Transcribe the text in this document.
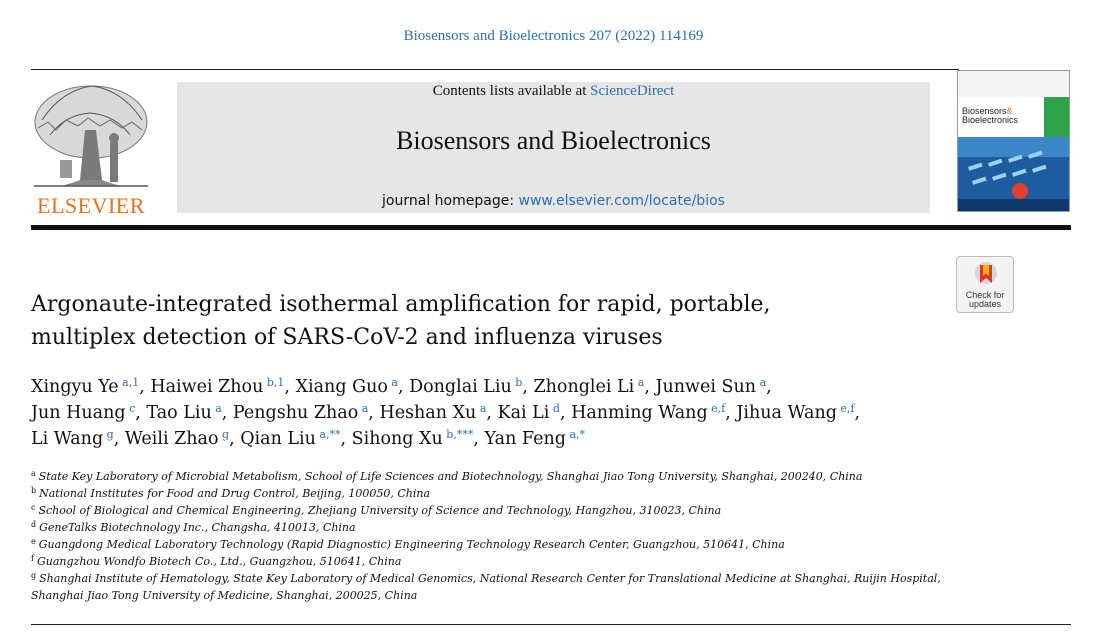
Biosensors and Bioelectronics 207 (2022) 114169
ELSEVIER
Contents lists available at ScienceDirect
Biosensors and Bioelectronics
journal homepage: www.elsevier.com/locate/bios
Biosensors&
Bioelectronics
Check for
updates
Argonaute-integrated isothermal amplification for rapid, portable,
multiplex detection of SARS-CoV-2 and influenza viruses
Xingyu Ye  $^{a,1}$, Haiwei Zhou  $^{b,1}$, Xiang Guo  $^a$, Donglai Liu  $^b$, Zhonglei Li  $^a$, Junwei Sun  $^a$,
Jun Huang  $^c$, Tao Liu  $^a$, Pengshu Zhao  $^a$, Heshan Xu  $^a$, Kai Li  $^d$, Hanming Wang  $^{e,f}$, Jihua Wang  $^{e,f}$,
Li Wang  $^g$, Weili Zhao  $^g$, Qian Liu  $^{a,**}$, Sihong Xu  $^{b,***}$, Yan Feng  $^{a,*}$
$^a$ State Key Laboratory of Microbial Metabolism, School of Life Sciences and Biotechnology, Shanghai Jiao Tong University, Shanghai, 200240, China
$^b$ National Institutes for Food and Drug Control, Beijing, 100050, China
$^c$ School of Biological and Chemical Engineering, Zhejiang University of Science and Technology, Hangzhou, 310023, China
$^d$ GeneTalks Biotechnology Inc., Changsha, 410013, China
$^e$ Guangdong Medical Laboratory Technology (Rapid Diagnostic) Engineering Technology Research Center, Guangzhou, 510641, China
$^f$ Guangzhou Wondfo Biotech Co., Ltd., Guangzhou, 510641, China
$^g$ Shanghai Institute of Hematology, State Key Laboratory of Medical Genomics, National Research Center for Translational Medicine at Shanghai, Ruijin Hospital,
Shanghai Jiao Tong University of Medicine, Shanghai, 200025, China
